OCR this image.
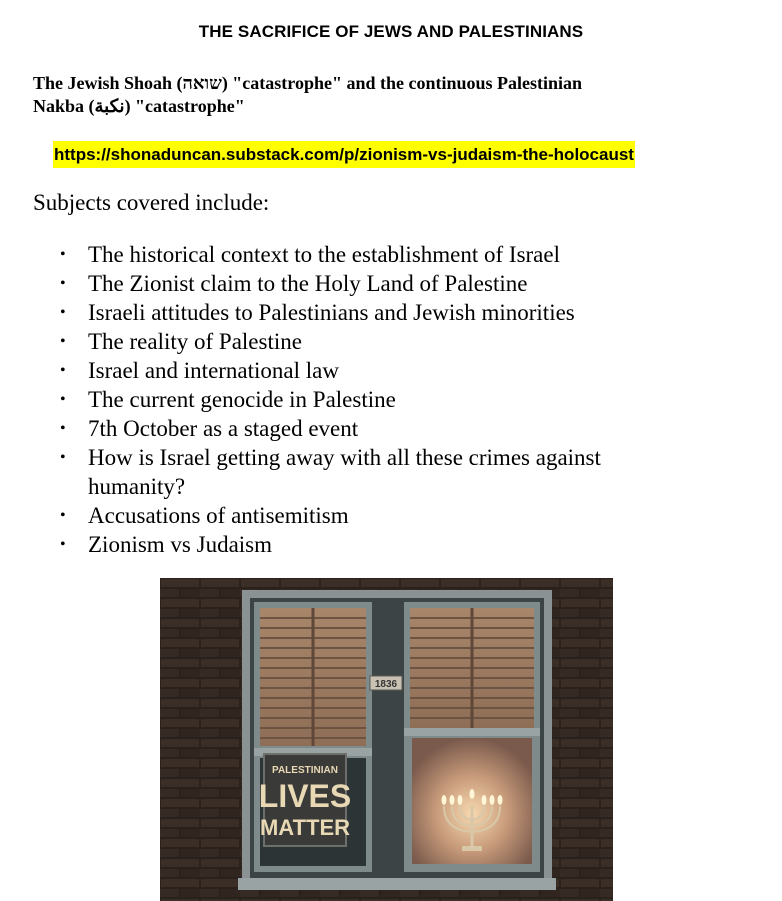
THE SACRIFICE OF JEWS AND PALESTINIANS
The Jewish Shoah (שואה) "catastrophe" and the continuous Palestinian
Nakba (نكبة) "catastrophe"
https://shonaduncan.substack.com/p/zionism-vs-judaism-the-holocaust
Subjects covered include:
• The historical context to the establishment of Israel
• The Zionist claim to the Holy Land of Palestine
• Israeli attitudes to Palestinians and Jewish minorities
• The reality of Palestine
• Israel and international law
• The current genocide in Palestine
• 7th October as a staged event
• How is Israel getting away with all these crimes against humanity?
• Accusations of antisemitism
• Zionism vs Judaism
PALESTINIAN
LIVES
MATTER
1836
